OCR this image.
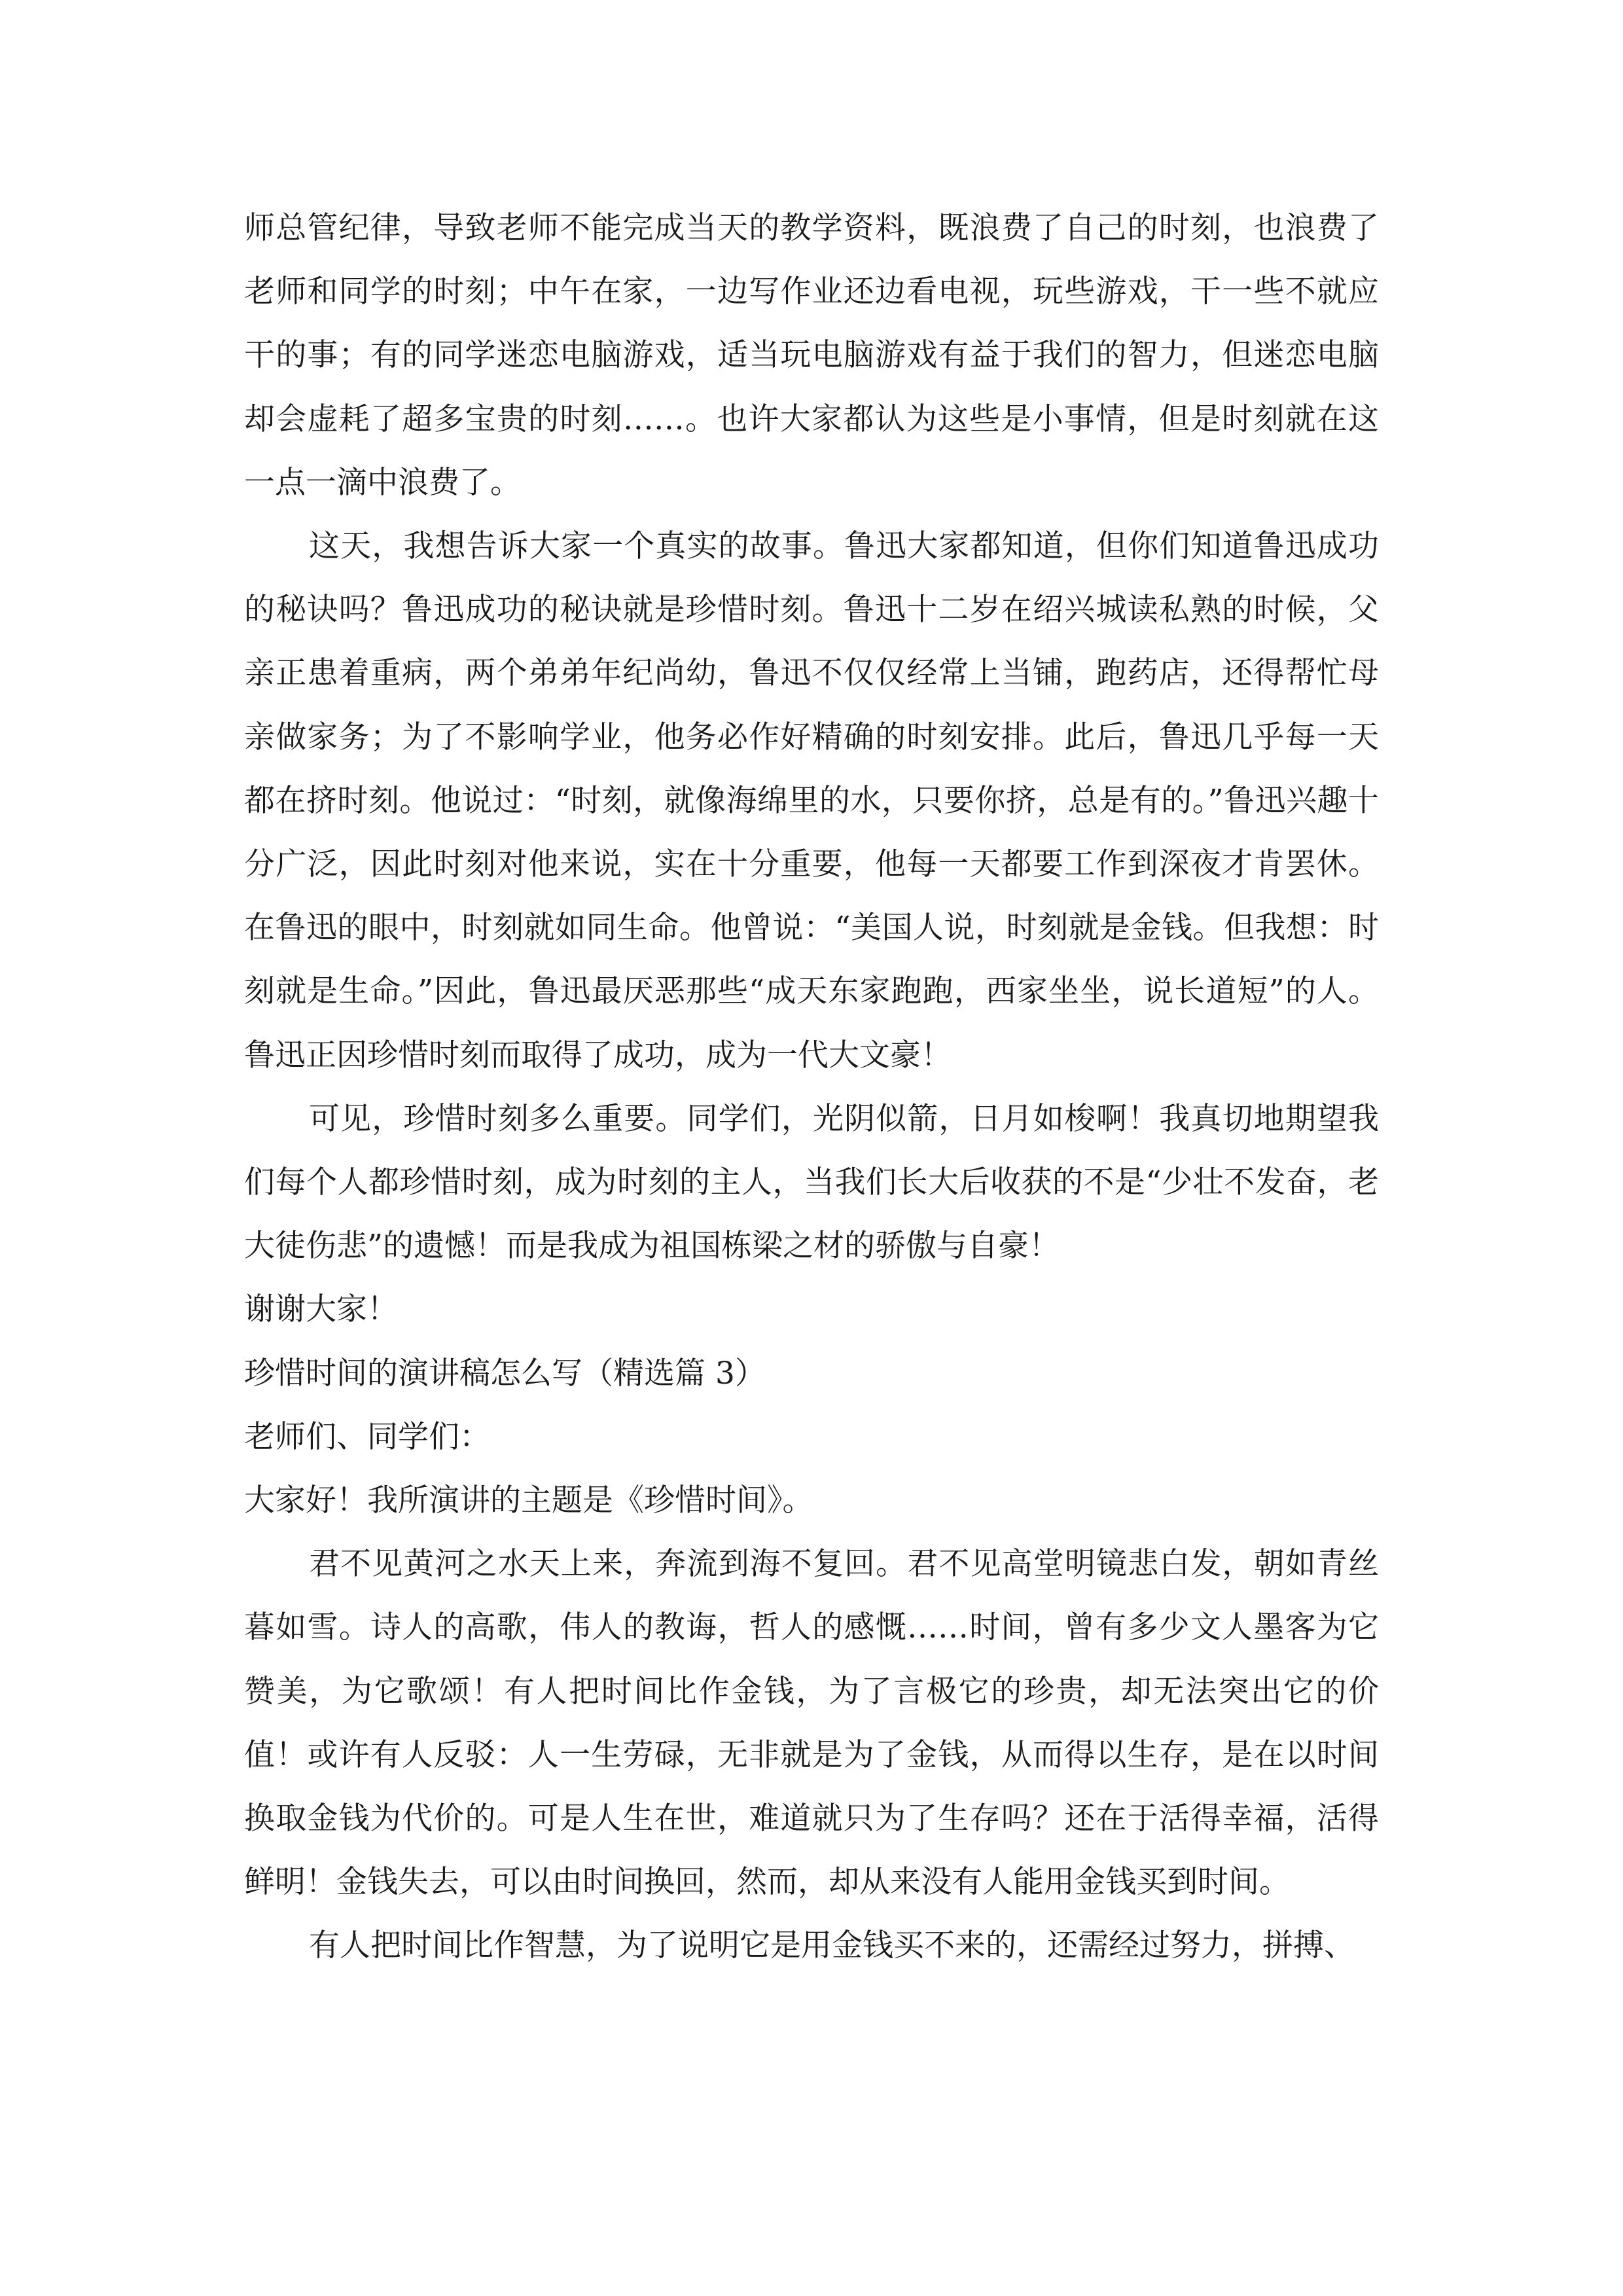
师总管纪律，导致老师不能完成当天的教学资料，既浪费了自己的时刻，也浪费了老师和同学的时刻；中午在家，一边写作业还边看电视，玩些游戏，干一些不就应干的事；有的同学迷恋电脑游戏，适当玩电脑游戏有益于我们的智力，但迷恋电脑却会虚耗了超多宝贵的时刻……。也许大家都认为这些是小事情，但是时刻就在这一点一滴中浪费了。

这天，我想告诉大家一个真实的故事。鲁迅大家都知道，但你们知道鲁迅成功的秘诀吗？鲁迅成功的秘诀就是珍惜时刻。鲁迅十二岁在绍兴城读私熟的时候，父亲正患着重病，两个弟弟年纪尚幼，鲁迅不仅仅经常上当铺，跑药店，还得帮忙母亲做家务；为了不影响学业，他务必作好精确的时刻安排。此后，鲁迅几乎每一天都在挤时刻。他说过：“时刻，就像海绵里的水，只要你挤，总是有的。”鲁迅兴趣十分广泛，因此时刻对他来说，实在十分重要，他每一天都要工作到深夜才肯罢休。在鲁迅的眼中，时刻就如同生命。他曾说：“美国人说，时刻就是金钱。但我想：时刻就是生命。”因此，鲁迅最厌恶那些“成天东家跑跑，西家坐坐，说长道短”的人。鲁迅正因珍惜时刻而取得了成功，成为一代大文豪！

可见，珍惜时刻多么重要。同学们，光阴似箭，日月如梭啊！我真切地期望我们每个人都珍惜时刻，成为时刻的主人，当我们长大后收获的不是“少壮不发奋，老大徒伤悲”的遗憾！而是我成为祖国栋梁之材的骄傲与自豪！

谢谢大家！

珍惜时间的演讲稿怎么写（精选篇 3）

老师们、同学们：

大家好！我所演讲的主题是《珍惜时间》。

君不见黄河之水天上来，奔流到海不复回。君不见高堂明镜悲白发，朝如青丝暮如雪。诗人的高歌，伟人的教诲，哲人的感慨……时间，曾有多少文人墨客为它赞美，为它歌颂！有人把时间比作金钱，为了言极它的珍贵，却无法突出它的价值！或许有人反驳：人一生劳碌，无非就是为了金钱，从而得以生存，是在以时间换取金钱为代价的。可是人生在世，难道就只为了生存吗？还在于活得幸福，活得鲜明！金钱失去，可以由时间换回，然而，却从来没有人能用金钱买到时间。

有人把时间比作智慧，为了说明它是用金钱买不来的，还需经过努力，拼搏、
